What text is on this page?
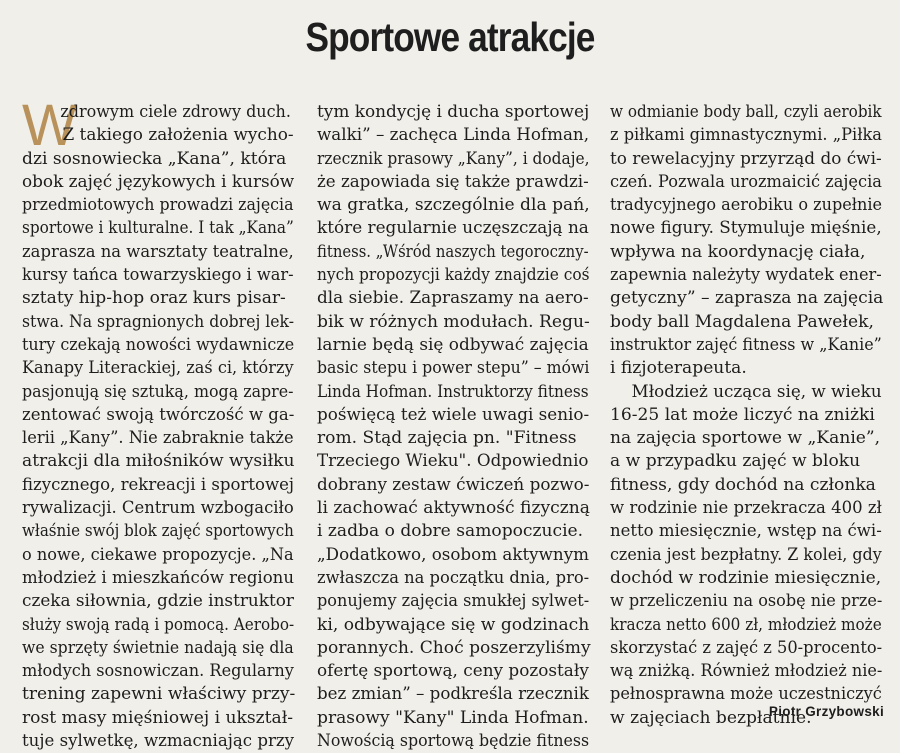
Sportowe atrakcje
W
zdrowym ciele zdrowy duch.
Z takiego założenia wycho-
dzi sosnowiecka „Kana”, która
obok zajęć językowych i kursów
przedmiotowych prowadzi zajęcia
sportowe i kulturalne. I tak „Kana”
zaprasza na warsztaty teatralne,
kursy tańca towarzyskiego i war-
sztaty hip-hop oraz kurs pisar-
stwa. Na spragnionych dobrej lek-
tury czekają nowości wydawnicze
Kanapy Literackiej, zaś ci, którzy
pasjonują się sztuką, mogą zapre-
zentować swoją twórczość w ga-
lerii „Kany”. Nie zabraknie także
atrakcji dla miłośników wysiłku
fizycznego, rekreacji i sportowej
rywalizacji. Centrum wzbogaciło
właśnie swój blok zajęć sportowych
o nowe, ciekawe propozycje. „Na
młodzież i mieszkańców regionu
czeka siłownia, gdzie instruktor
służy swoją radą i pomocą. Aerobo-
we sprzęty świetnie nadają się dla
młodych sosnowiczan. Regularny
trening zapewni właściwy przy-
rost masy mięśniowej i ukształ-
tuje sylwetkę, wzmacniając przy
tym kondycję i ducha sportowej
walki” – zachęca Linda Hofman,
rzecznik prasowy „Kany”, i dodaje,
że zapowiada się także prawdzi-
wa gratka, szczególnie dla pań,
które regularnie uczęszczają na
fitness. „Wśród naszych tegoroczny-
nych propozycji każdy znajdzie coś
dla siebie. Zapraszamy na aero-
bik w różnych modułach. Regu-
larnie będą się odbywać zajęcia
basic stepu i power stepu” – mówi
Linda Hofman. Instruktorzy fitness
poświęcą też wiele uwagi senio-
rom. Stąd zajęcia pn. "Fitness
Trzeciego Wieku". Odpowiednio
dobrany zestaw ćwiczeń pozwo-
li zachować aktywność fizyczną
i zadba o dobre samopoczucie.
„Dodatkowo, osobom aktywnym
zwłaszcza na początku dnia, pro-
ponujemy zajęcia smukłej sylwet-
ki, odbywające się w godzinach
porannych. Choć poszerzyliśmy
ofertę sportową, ceny pozostały
bez zmian” – podkreśla rzecznik
prasowy "Kany" Linda Hofman.
Nowością sportową będzie fitness
w odmianie body ball, czyli aerobik
z piłkami gimnastycznymi. „Piłka
to rewelacyjny przyrząd do ćwi-
czeń. Pozwala urozmaicić zajęcia
tradycyjnego aerobiku o zupełnie
nowe figury. Stymuluje mięśnie,
wpływa na koordynację ciała,
zapewnia należyty wydatek ener-
getyczny” – zaprasza na zajęcia
body ball Magdalena Pawełek,
instruktor zajęć fitness w „Kanie”
i fizjoterapeuta.
Młodzież ucząca się, w wieku
16-25 lat może liczyć na zniżki
na zajęcia sportowe w „Kanie”,
a w przypadku zajęć w bloku
fitness, gdy dochód na członka
w rodzinie nie przekracza 400 zł
netto miesięcznie, wstęp na ćwi-
czenia jest bezpłatny. Z kolei, gdy
dochód w rodzinie miesięcznie,
w przeliczeniu na osobę nie prze-
kracza netto 600 zł, młodzież może
skorzystać z zajęć z 50-procento-
wą zniżką. Również młodzież nie-
pełnosprawna może uczestniczyć
w zajęciach bezpłatnie.
Piotr Grzybowski
